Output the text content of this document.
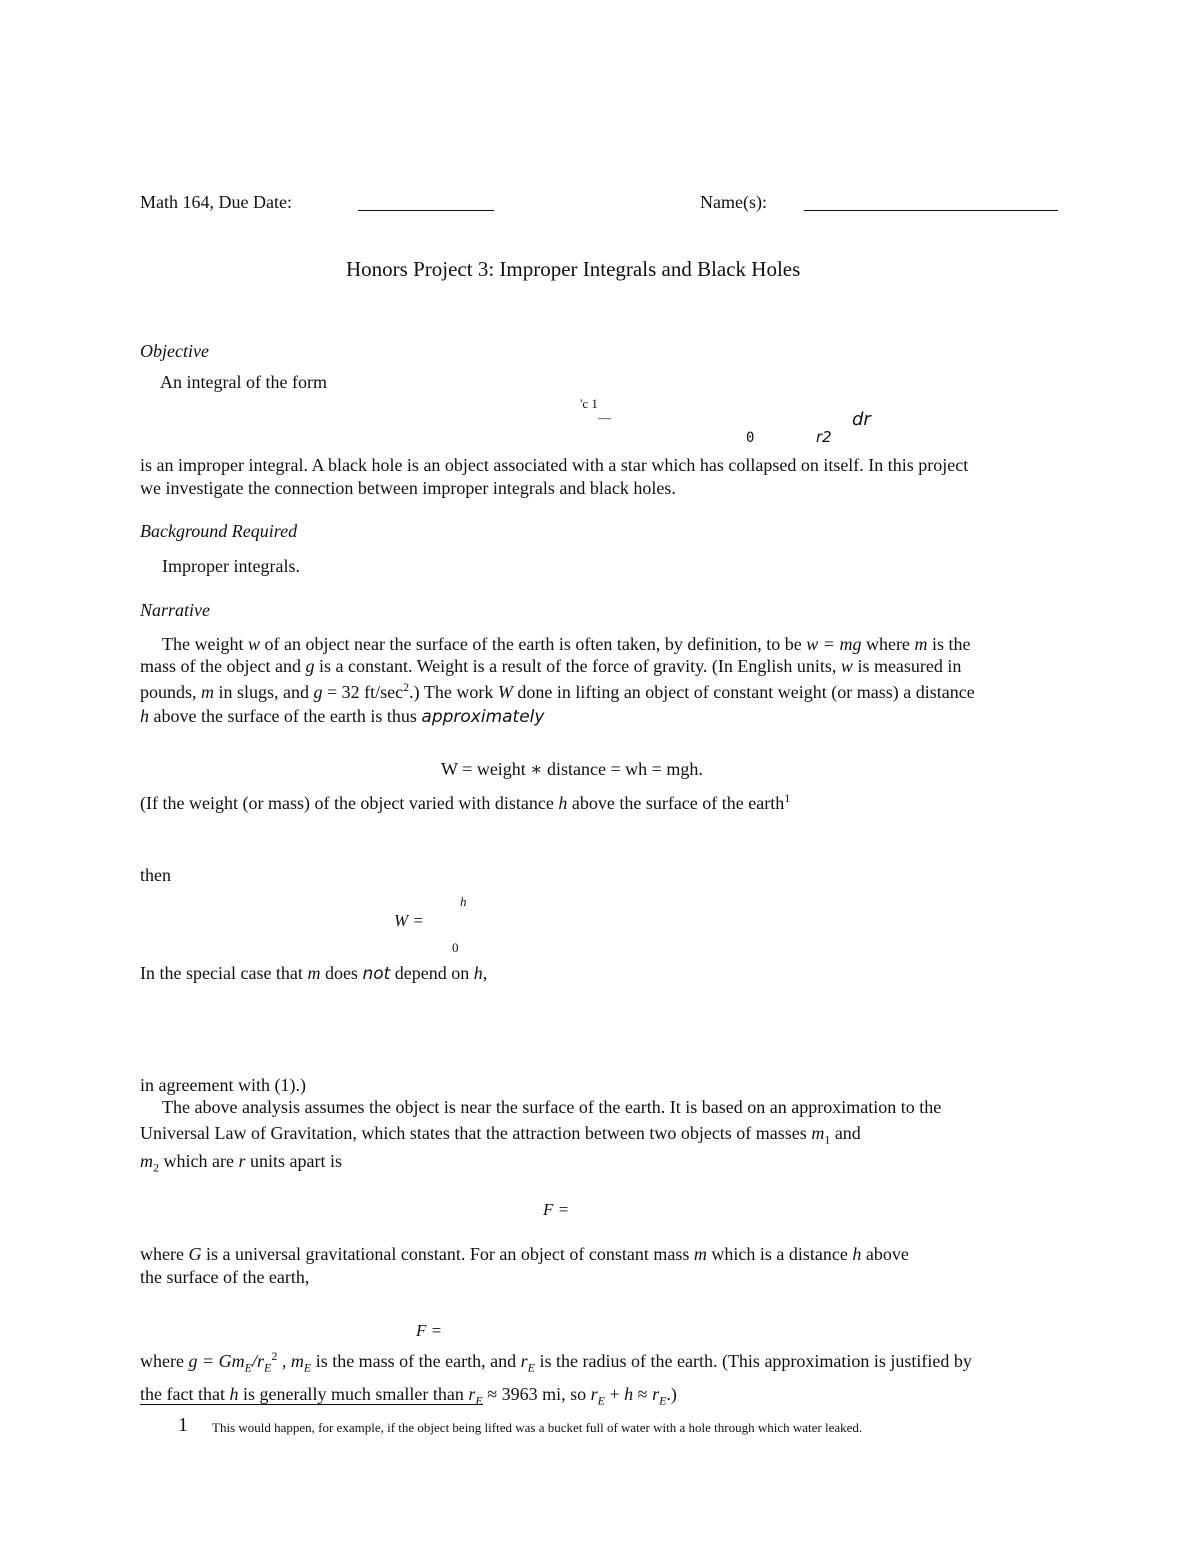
Math 164, Due Date:	Name(s):
Honors Project 3: Improper Integrals and Black Holes
Objective
An integral of the form
'c 1
—
0	r2
dr
is an improper integral. A black hole is an object associated with a star which has collapsed on itself. In this project
we investigate the connection between improper integrals and black holes.
Background Required
Improper integrals.
Narrative
The weight w of an object near the surface of the earth is often taken, by definition, to be w = mg where m is the
mass of the object and g is a constant. Weight is a result of the force of gravity. (In English units, w is measured in
pounds, m in slugs, and g = 32 $ft/\sec^2$.) The work W done in lifting an object of constant weight (or mass) a distance
h above the surface of the earth is thus approximately
W = weight ∗ distance = wh = mgh.
(If the weight (or mass) of the object varied with distance h above the surface of the earth$^1$
then
h
W =
0
In the special case that m does not depend on h,
in agreement with (1).)
The above analysis assumes the object is near the surface of the earth. It is based on an approximation to the
Universal Law of Gravitation, which states that the attraction between two objects of masses $m_1$ and
$m_2$ which are r units apart is
F =
where G is a universal gravitational constant. For an object of constant mass m which is a distance h above
the surface of the earth,
F =
where $g = Gm_E/r_E^2$ , $m_E$ is the mass of the earth, and $r_E$ is the radius of the earth. (This approximation is justified by
the fact that h is generally much smaller than $r_E \approx 3963$ mi, so $r_E + h \approx r_E$.)
1 This would happen, for example, if the object being lifted was a bucket full of water with a hole through which water leaked.
